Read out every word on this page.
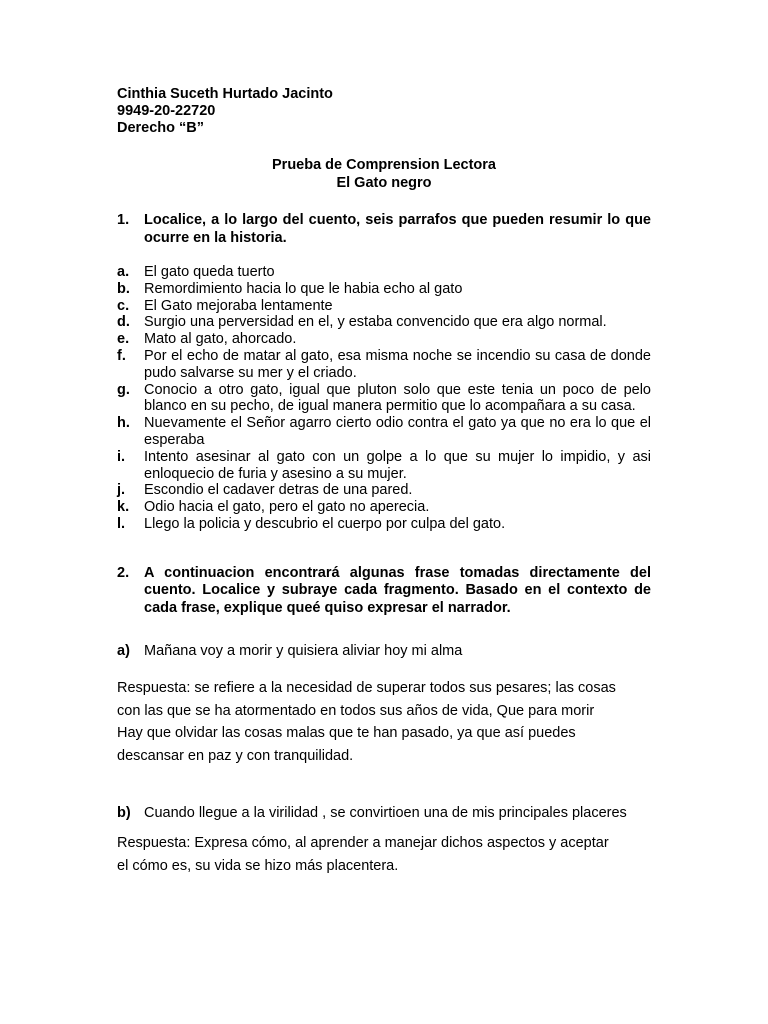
Cinthia Suceth Hurtado Jacinto

9949-20-22720

Derecho “B”

Prueba de Comprension Lectora
El Gato negro
1.	Localice, a lo largo del cuento, seis parrafos que pueden resumir lo que ocurre en la historia.
a.	El gato queda tuerto
b. Remordimiento hacia lo que le habia echo al gato
c.	El Gato mejoraba lentamente
d. Surgio una perversidad en el, y estaba convencido que era algo normal.
e.	Mato al gato, ahorcado.
f.	Por el echo de matar al gato, esa misma noche se incendio su casa de donde pudo salvarse su mer y el criado.
g. Conocio a otro gato, igual que pluton solo que este tenia un poco de pelo blanco en su pecho, de igual manera permitio que lo acompañara a su casa.
h. Nuevamente el Señor agarro cierto odio contra el gato ya que no era lo que el esperaba
i.	Intento asesinar al gato con un golpe a lo que su mujer lo impidio, y asi enloquecio de furia y asesino a su mujer.
j.	Escondio el cadaver detras de una pared.
k.	Odio hacia el gato, pero el gato no aperecia.
l.	Llego la policia y descubrio el cuerpo por culpa del gato.
2.	A continuacion encontrará algunas frase tomadas directamente del cuento. Localice y subraye cada fragmento. Basado en el contexto de cada frase, explique queé quiso expresar el narrador.
a) Mañana voy a morir y quisiera aliviar hoy mi alma
Respuesta: se refiere a la necesidad de superar todos sus pesares; las cosas
con las que se ha atormentado en todos sus años de vida, Que para morir
Hay que olvidar las cosas malas que te han pasado, ya que así puedes
descansar en paz y con tranquilidad.
b) Cuando llegue a la virilidad , se convirtioen una de mis principales placeres
Respuesta: Expresa cómo, al aprender a manejar dichos aspectos y aceptar
el cómo es, su vida se hizo más placentera.
